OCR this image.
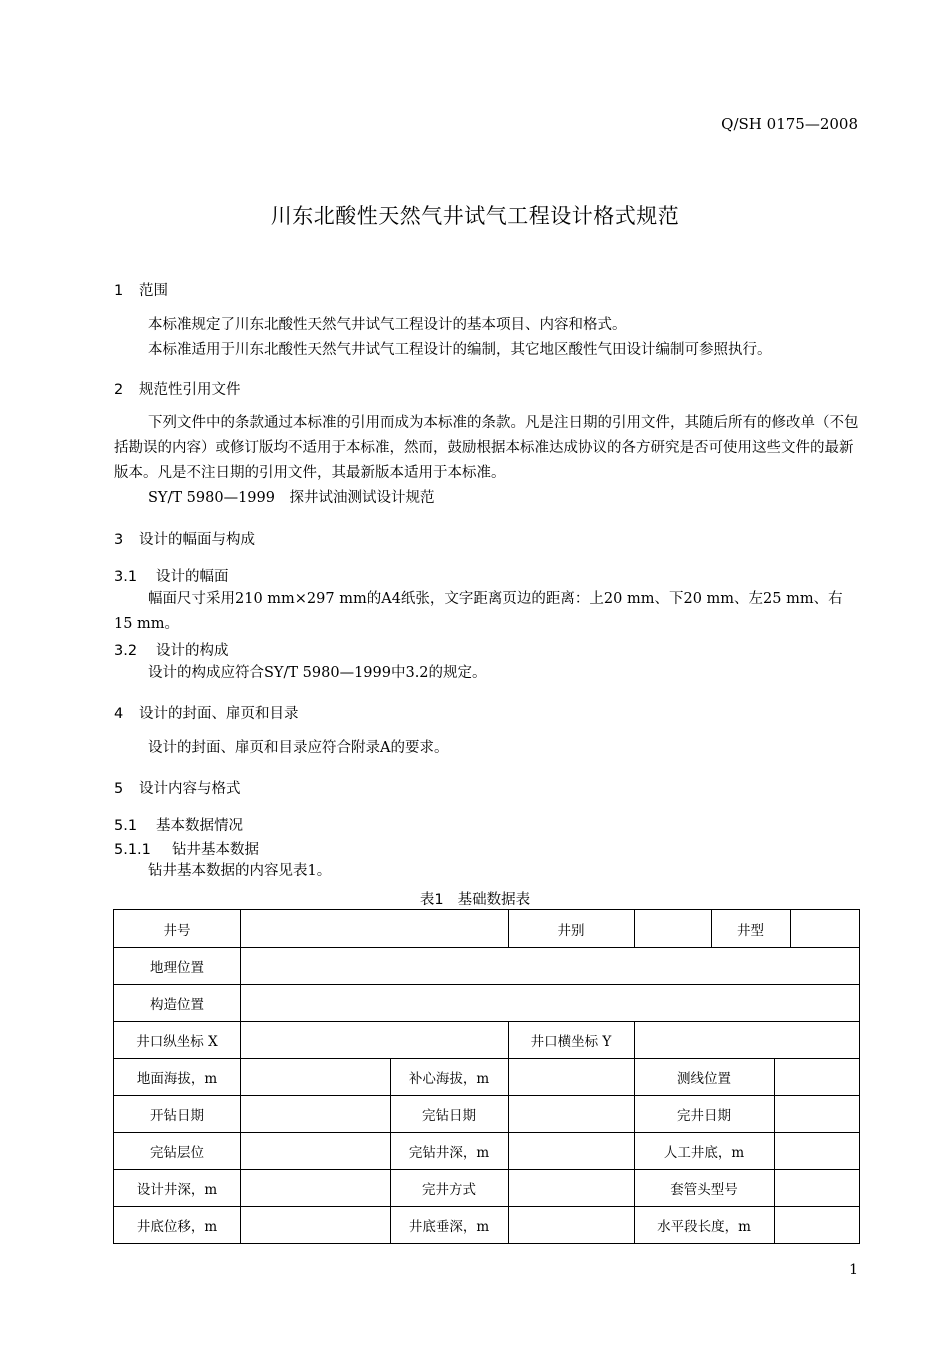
Q/SH 0175—2008
川东北酸性天然气井试气工程设计格式规范
1 范围
本标准规定了川东北酸性天然气井试气工程设计的基本项目、内容和格式。
本标准适用于川东北酸性天然气井试气工程设计的编制，其它地区酸性气田设计编制可参照执行。
2 规范性引用文件
下列文件中的条款通过本标准的引用而成为本标准的条款。凡是注日期的引用文件，其随后所有的修改单（不包括勘误的内容）或修订版均不适用于本标准，然而，鼓励根据本标准达成协议的各方研究是否可使用这些文件的最新版本。凡是不注日期的引用文件，其最新版本适用于本标准。
SY/T 5980—1999　探井试油测试设计规范
3 设计的幅面与构成
3.1 设计的幅面
幅面尺寸采用210 mm×297 mm的A4纸张，文字距离页边的距离：上20 mm、下20 mm、左25 mm、右15 mm。
3.2 设计的构成
设计的构成应符合SY/T 5980—1999中3.2的规定。
4 设计的封面、扉页和目录
设计的封面、扉页和目录应符合附录A的要求。
5 设计内容与格式
5.1 基本数据情况
5.1.1 钻井基本数据
钻井基本数据的内容见表1。
表1 基础数据表
井号	井别	井型
地理位置
构造位置
井口纵坐标 X	井口横坐标 Y
地面海拔，m	补心海拔，m	测线位置
开钻日期	完钻日期	完井日期
完钻层位	完钻井深，m	人工井底，m
设计井深，m	完井方式	套管头型号
井底位移，m	井底垂深，m	水平段长度，m
1
